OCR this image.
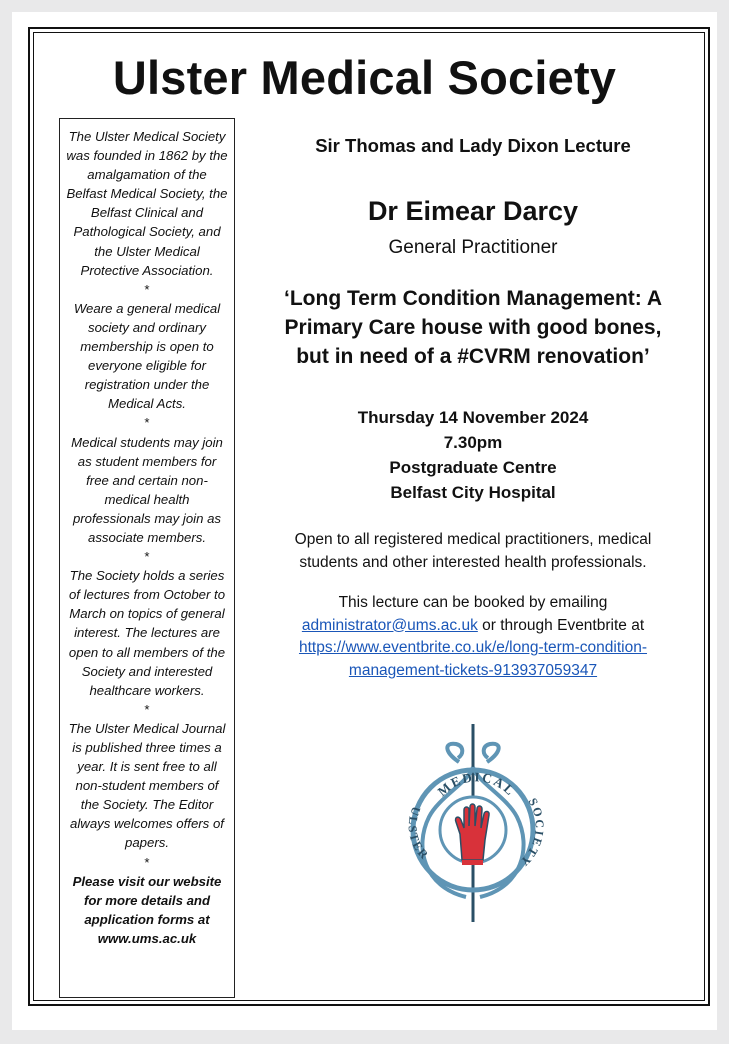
Ulster Medical Society

The Ulster Medical Society was founded in 1862 by the amalgamation of the Belfast Medical Society, the Belfast Clinical and Pathological Society, and the Ulster Medical Protective Association.

*

Weare a general medical society and ordinary membership is open to everyone eligible for registration under the Medical Acts.

*

Medical students may join as student members for free and certain non-medical health professionals may join as associate members.

*

The Society holds a series of lectures from October to March on topics of general interest. The lectures are open to all members of the Society and interested healthcare workers.

*

The Ulster Medical Journal is published three times a year. It is sent free to all non-student members of the Society. The Editor always welcomes offers of papers.

*

Please visit our website for more details and application forms at www.ums.ac.uk

Sir Thomas and Lady Dixon Lecture
Dr Eimear Darcy
General Practitioner
‘Long Term Condition Management: A
Primary Care house with good bones,
but in need of a #CVRM renovation’
Thursday 14 November 2024
7.30pm
Postgraduate Centre
Belfast City Hospital
Open to all registered medical practitioners, medical
students and other interested health professionals.
This lecture can be booked by emailing
administrator@ums.ac.uk or through Eventbrite at
https://www.eventbrite.co.uk/e/long-term-condition-
management-tickets-913937059347
MEDICAL
ULSTER
SOCIETY
